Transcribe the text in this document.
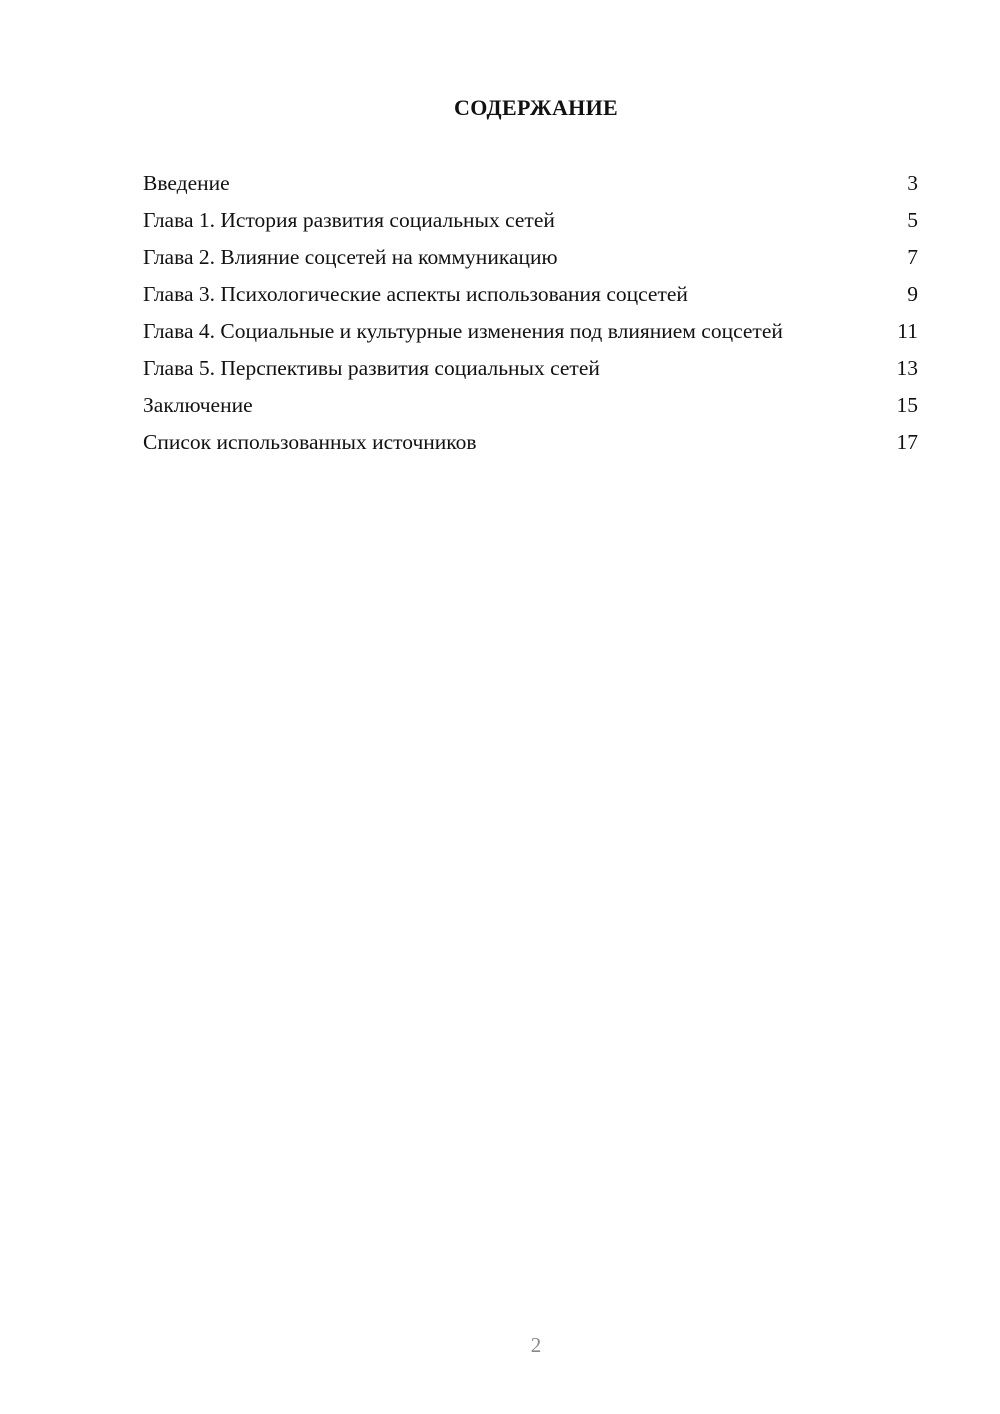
СОДЕРЖАНИЕ
Введение	3
Глава 1. История развития социальных сетей	5
Глава 2. Влияние соцсетей на коммуникацию	7
Глава 3. Психологические аспекты использования соцсетей	9
Глава 4. Социальные и культурные изменения под влиянием соцсетей	11
Глава 5. Перспективы развития социальных сетей	13
Заключение	15
Список использованных источников	17
2
